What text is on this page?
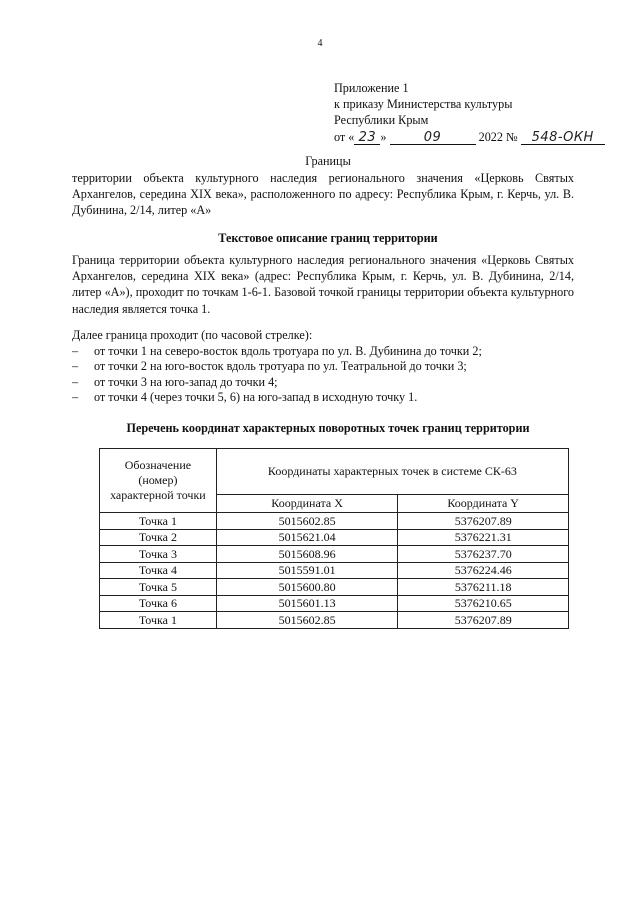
4
Приложение 1
к приказу Министерства культуры
Республики Крым
от « 23 »	09	2022 № 548-ОКН
Границы
территории объекта культурного наследия регионального значения «Церковь Святых Архангелов, середина XIX века», расположенного по адресу: Республика Крым, г. Керчь, ул. В. Дубинина, 2/14, литер «А»
Текстовое описание границ территории
Граница территории объекта культурного наследия регионального значения «Церковь Святых Архангелов, середина XIX века» (адрес: Республика Крым, г. Керчь, ул. В. Дубинина, 2/14, литер «А»), проходит по точкам 1-6-1. Базовой точкой границы территории объекта культурного наследия является точка 1.
Далее граница проходит (по часовой стрелке):
– от точки 1 на северо-восток вдоль тротуара по ул. В. Дубинина до точки 2;
– от точки 2 на юго-восток вдоль тротуара по ул. Театральной до точки 3;
– от точки 3 на юго-запад до точки 4;
– от точки 4 (через точки 5, 6) на юго-запад в исходную точку 1.
Перечень координат характерных поворотных точек границ территории
Обозначение
(номер)
характерной точки	Координаты характерных точек в системе СК-63	
	Координата X	Координата Y
Точка 1	5015602.85	5376207.89
Точка 2	5015621.04	5376221.31
Точка 3	5015608.96	5376237.70
Точка 4	5015591.01	5376224.46
Точка 5	5015600.80	5376211.18
Точка 6	5015601.13	5376210.65
Точка 1	5015602.85	5376207.89
